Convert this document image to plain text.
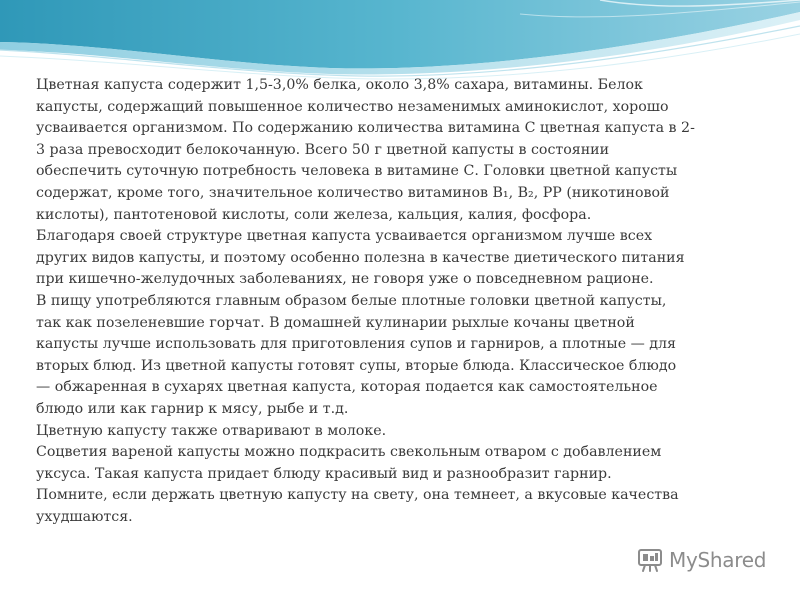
Цветная капуста содержит 1,5-3,0% белка, около 3,8% сахара, витамины. Белок
капусты, содержащий повышенное количество незаменимых аминокислот, хорошо
усваивается организмом. По содержанию количества витамина С цветная капуста в 2-
3 раза превосходит белокочанную. Всего 50 г цветной капусты в состоянии
обеспечить суточную потребность человека в витамине С. Головки цветной капусты
содержат, кроме того, значительное количество витаминов B₁, B₂, PP (никотиновой
кислоты), пантотеновой кислоты, соли железа, кальция, калия, фосфора.
Благодаря своей структуре цветная капуста усваивается организмом лучше всех
других видов капусты, и поэтому особенно полезна в качестве диетического питания
при кишечно-желудочных заболеваниях, не говоря уже о повседневном рационе.
В пищу употребляются главным образом белые плотные головки цветной капусты,
так как позеленевшие горчат. В домашней кулинарии рыхлые кочаны цветной
капусты лучше использовать для приготовления супов и гарниров, а плотные — для
вторых блюд. Из цветной капусты готовят супы, вторые блюда. Классическое блюдо
— обжаренная в сухарях цветная капуста, которая подается как самостоятельное
блюдо или как гарнир к мясу, рыбе и т.д.
Цветную капусту также отваривают в молоке.
Соцветия вареной капусты можно подкрасить свекольным отваром с добавлением
уксуса. Такая капуста придает блюду красивый вид и разнообразит гарнир.
Помните, если держать цветную капусту на свету, она темнеет, а вкусовые качества
ухудшаются.
MyShared
